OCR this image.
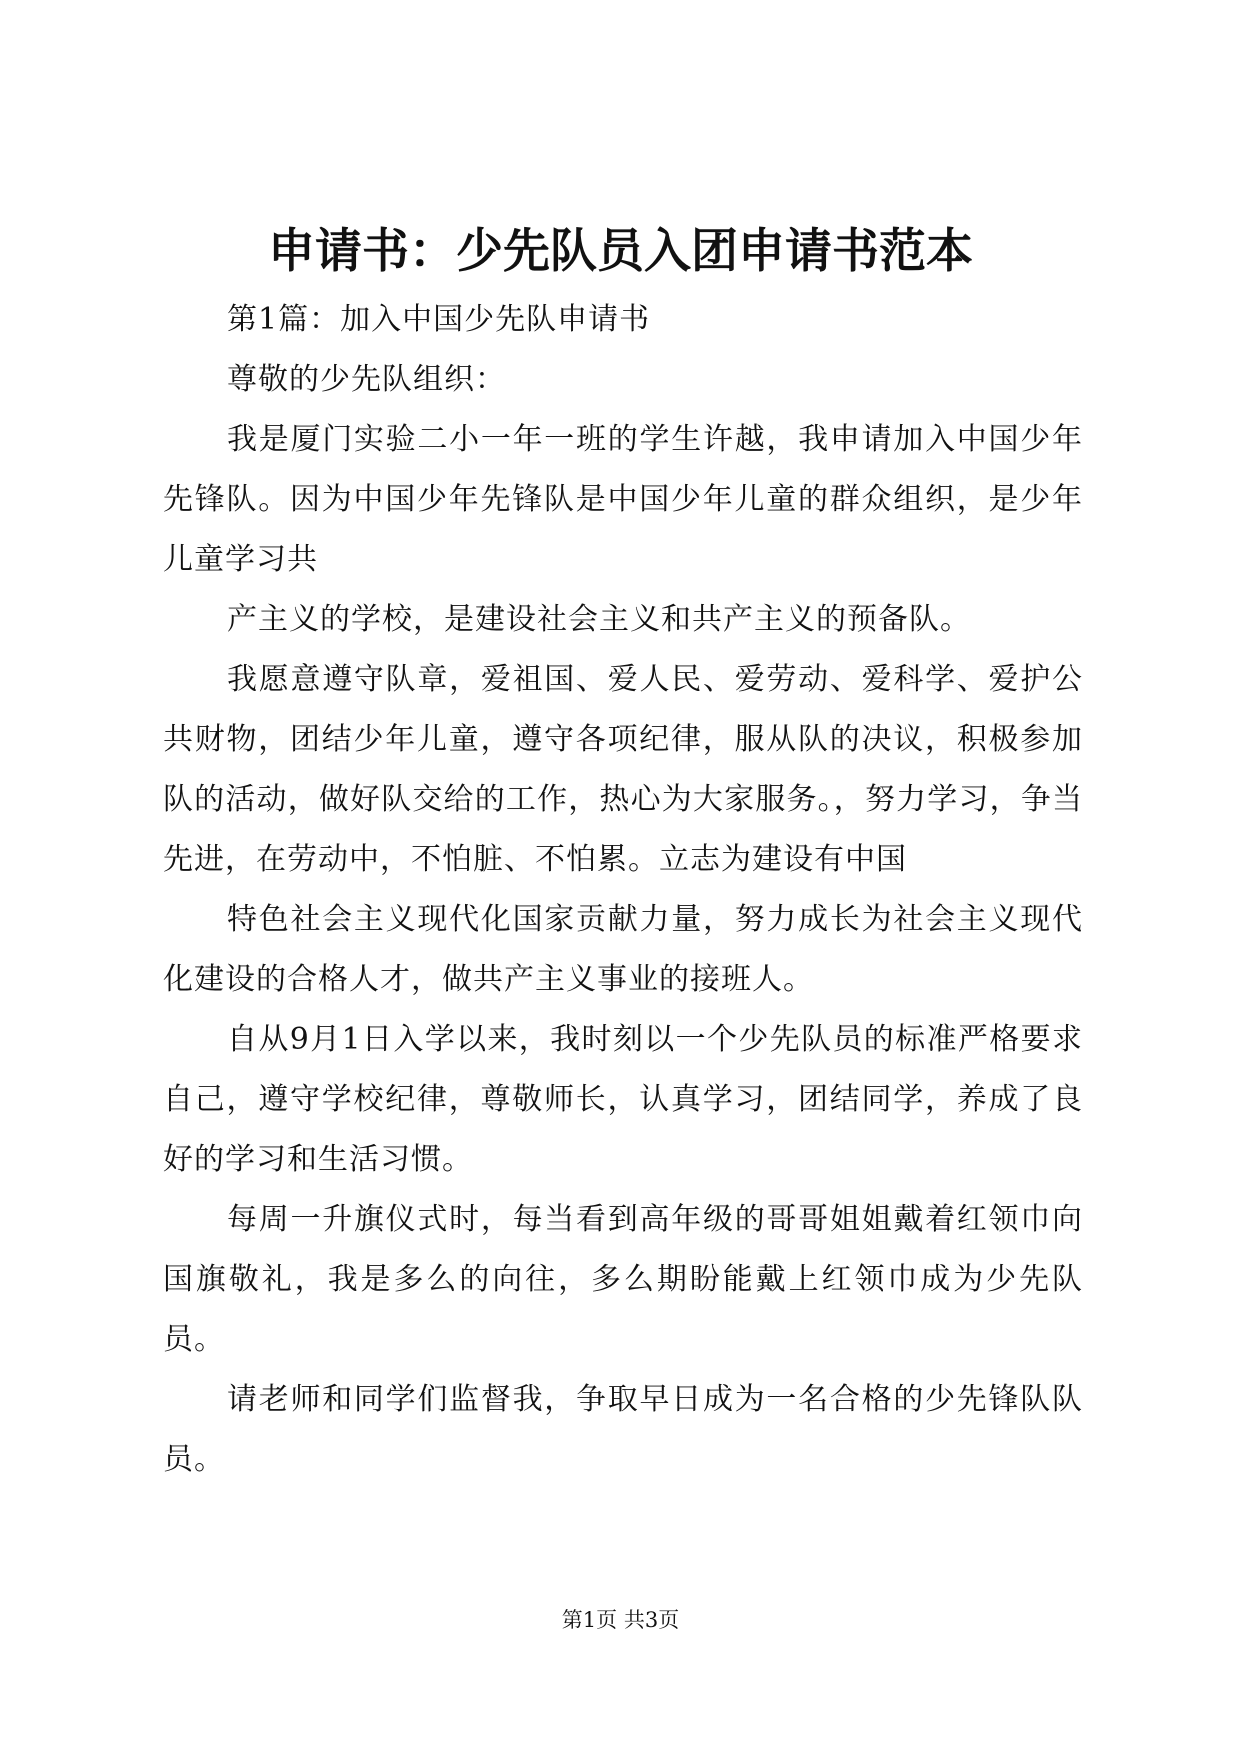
申请书：少先队员入团申请书范本

第1篇：加入中国少先队申请书

尊敬的少先队组织：

我是厦门实验二小一年一班的学生许越，我申请加入中国少年先锋队。因为中国少年先锋队是中国少年儿童的群众组织，是少年儿童学习共

产主义的学校，是建设社会主义和共产主义的预备队。

我愿意遵守队章，爱祖国、爱人民、爱劳动、爱科学、爱护公共财物，团结少年儿童，遵守各项纪律，服从队的决议，积极参加队的活动，做好队交给的工作，热心为大家服务。，努力学习，争当先进，在劳动中，不怕脏、不怕累。立志为建设有中国

特色社会主义现代化国家贡献力量，努力成长为社会主义现代化建设的合格人才，做共产主义事业的接班人。

自从9月1日入学以来，我时刻以一个少先队员的标准严格要求自己，遵守学校纪律，尊敬师长，认真学习，团结同学，养成了良好的学习和生活习惯。

每周一升旗仪式时，每当看到高年级的哥哥姐姐戴着红领巾向国旗敬礼，我是多么的向往，多么期盼能戴上红领巾成为少先队员。

请老师和同学们监督我，争取早日成为一名合格的少先锋队队员。

第1页 共3页
